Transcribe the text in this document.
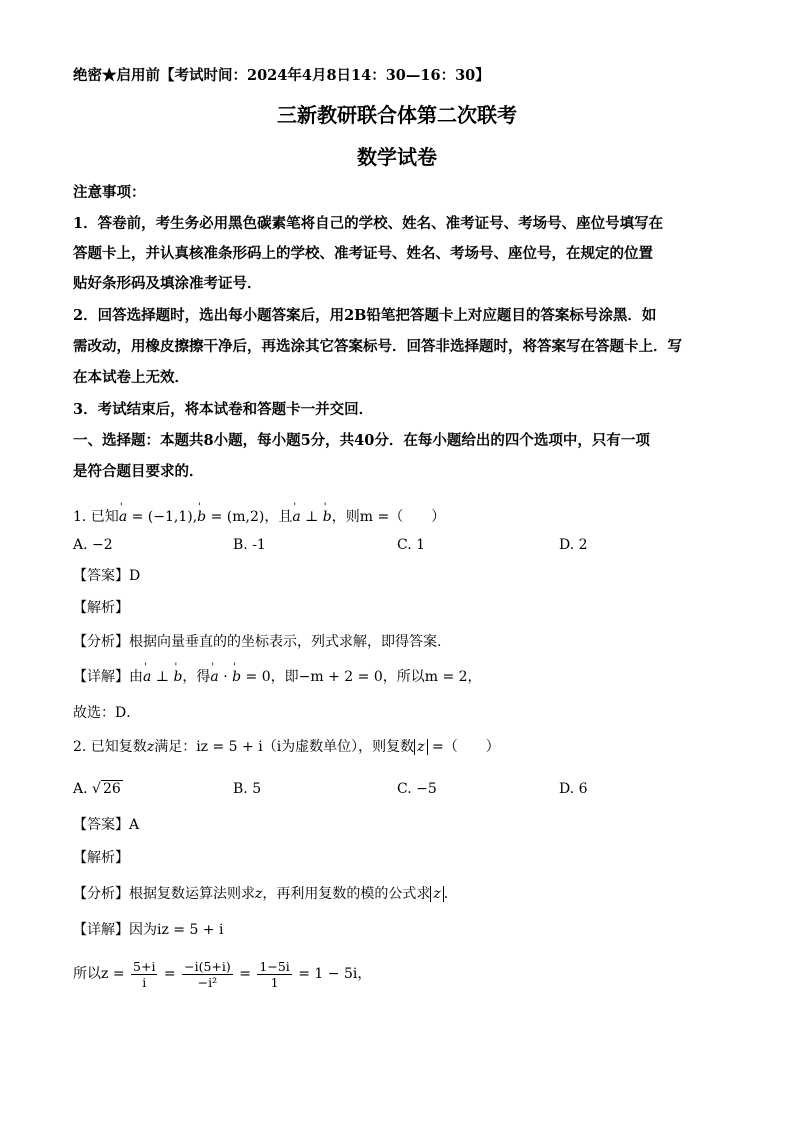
绝密★启用前【考试时间：2024年4月8日14：30—16：30】
三新教研联合体第二次联考
数学试卷
注意事项：
1．答卷前，考生务必用黑色碳素笔将自己的学校、姓名、准考证号、考场号、座位号填写在
答题卡上，并认真核准条形码上的学校、准考证号、姓名、考场号、座位号，在规定的位置
贴好条形码及填涂准考证号．
2．回答选择题时，选出每小题答案后，用2B铅笔把答题卡上对应题目的答案标号涂黑．如
需改动，用橡皮擦擦干净后，再选涂其它答案标号．回答非选择题时，将答案写在答题卡上．写
在本试卷上无效．
3．考试结束后，将本试卷和答题卡一并交回．
一、选择题：本题共8小题，每小题5分，共40分．在每小题给出的四个选项中，只有一项
是符合题目要求的．
1. 已知' a = (−1,1),' b = (m,2)，且' a ⊥ ' b，则m =（　　）
A. −2	B. -1	C. 1	D. 2
【答案】D
【解析】
【分析】根据向量垂直的的坐标表示，列式求解，即得答案.
【详解】由' a ⊥ ' b，得' a · ' b = 0，即−m + 2 = 0，所以m = 2，
故选：D．
2. 已知复数z满足：iz = 5 + i（i为虚数单位），则复数 z =（　　）
A. √ 26	B. 5	C. −5	D. 6
【答案】A
【解析】
【分析】根据复数运算法则求z，再利用复数的模的公式求 z .
【详解】因为iz = 5 + i
所以$z = \frac{5+i}{i} = \frac{-i(5+i)}{\text{−i²}} = \frac{1-5i}{1} = 1 - 5i$，
